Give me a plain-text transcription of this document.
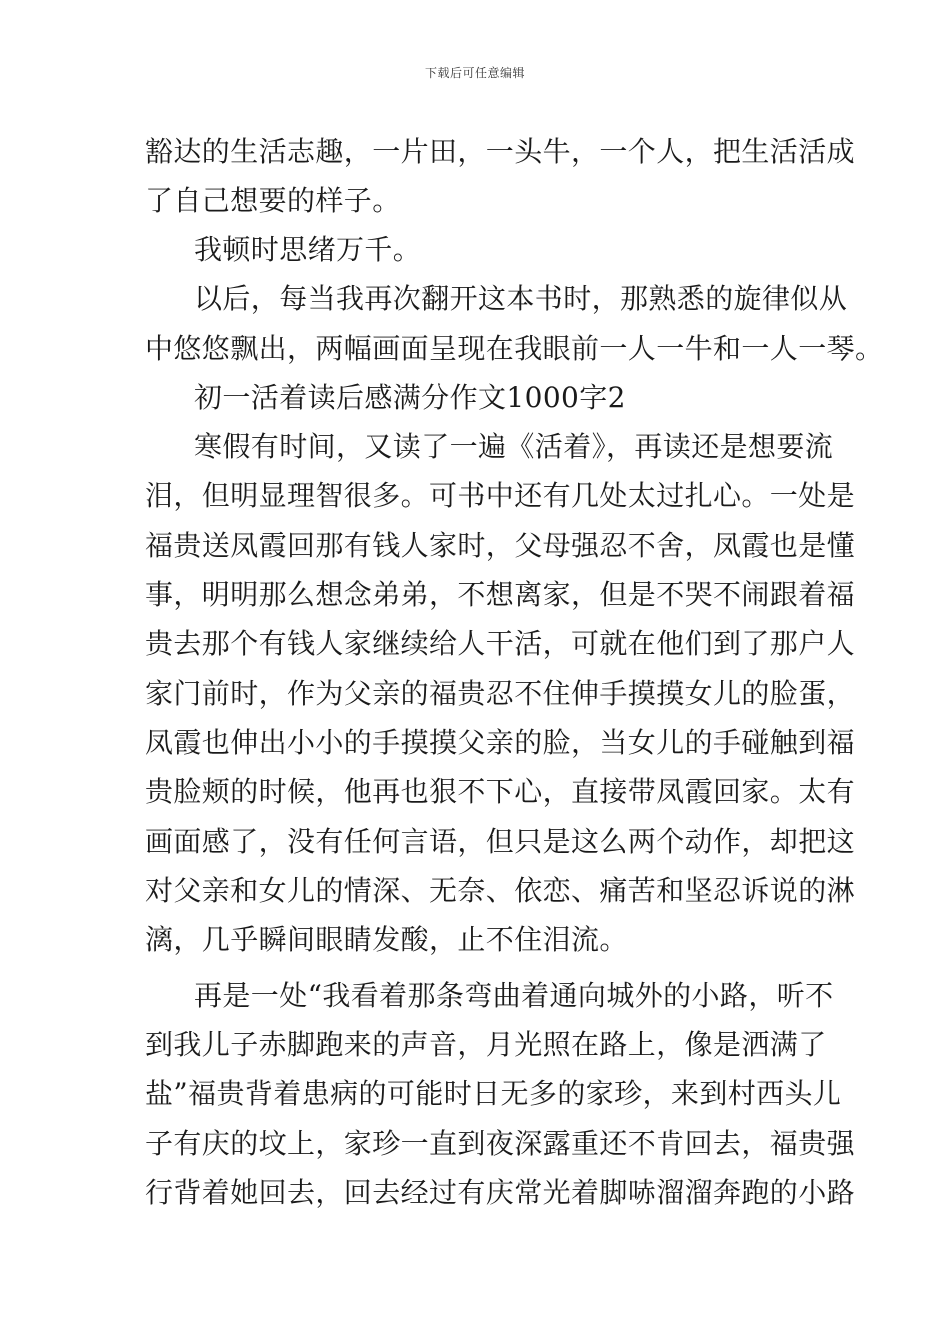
下载后可任意编辑
豁达的生活志趣，一片田，一头牛，一个人，把生活活成
了自己想要的样子。
我顿时思绪万千。
以后，每当我再次翻开这本书时，那熟悉的旋律似从
中悠悠飘出，两幅画面呈现在我眼前一人一牛和一人一琴。
初一活着读后感满分作文1000字2
寒假有时间，又读了一遍《活着》，再读还是想要流
泪，但明显理智很多。可书中还有几处太过扎心。一处是
福贵送凤霞回那有钱人家时，父母强忍不舍，凤霞也是懂
事，明明那么想念弟弟，不想离家，但是不哭不闹跟着福
贵去那个有钱人家继续给人干活，可就在他们到了那户人
家门前时，作为父亲的福贵忍不住伸手摸摸女儿的脸蛋，
凤霞也伸出小小的手摸摸父亲的脸，当女儿的手碰触到福
贵脸颊的时候，他再也狠不下心，直接带凤霞回家。太有
画面感了，没有任何言语，但只是这么两个动作，却把这
对父亲和女儿的情深、无奈、依恋、痛苦和坚忍诉说的淋
漓，几乎瞬间眼睛发酸，止不住泪流。
再是一处“我看着那条弯曲着通向城外的小路，听不
到我儿子赤脚跑来的声音，月光照在路上，像是洒满了
盐”福贵背着患病的可能时日无多的家珍，来到村西头儿
子有庆的坟上，家珍一直到夜深露重还不肯回去，福贵强
行背着她回去，回去经过有庆常光着脚哧溜溜奔跑的小路
